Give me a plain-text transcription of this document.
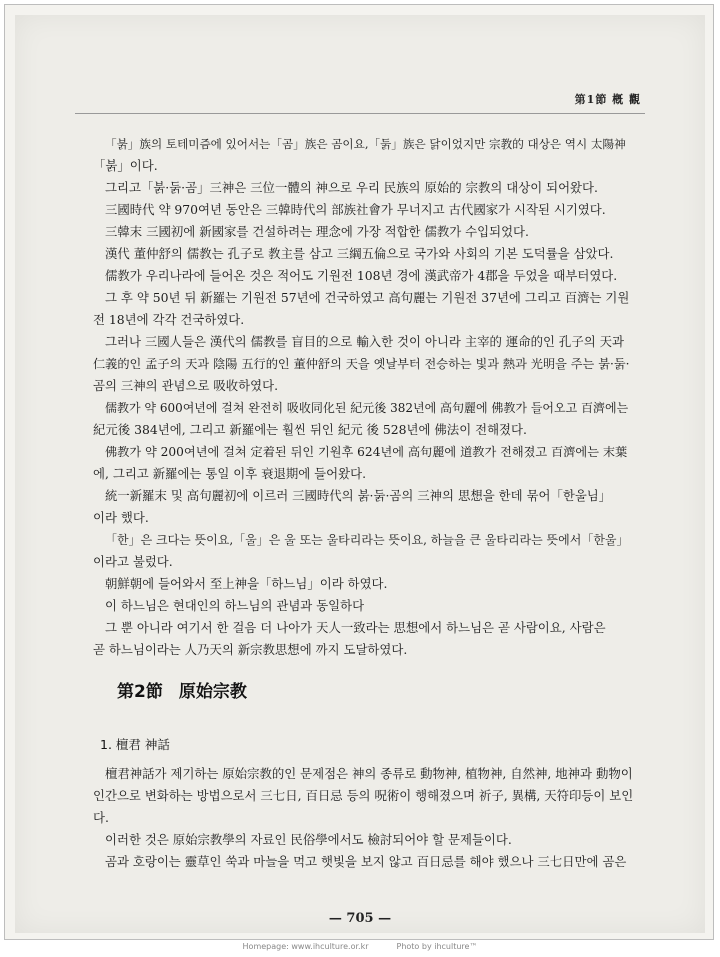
第1節 槪 觀
「붉」族의 토테미즘에 있어서는「곰」族은 곰이요,「둙」族은 닭이었지만 宗教的 대상은 역시 太陽神
「붉」이다.
그리고「붉·둙·곰」三神은 三位一體의 神으로 우리 民族의 原始的 宗教의 대상이 되어왔다.
三國時代 약 970여년 동안은 三韓時代의 部族社會가 무너지고 古代國家가 시작된 시기였다.
三韓末 三國初에 新國家를 건설하려는 理念에 가장 적합한 儒教가 수입되었다.
漢代 董仲舒의 儒教는 孔子로 教主를 삼고 三綱五倫으로 국가와 사회의 기본 도덕률을 삼았다.
儒教가 우리나라에 들어온 것은 적어도 기원전 108년 경에 漢武帝가 4郡을 두었을 때부터였다.
그 후 약 50년 뒤 新羅는 기원전 57년에 건국하였고 高句麗는 기원전 37년에 그리고 百濟는 기원
전 18년에 각각 건국하였다.
그러나 三國人들은 漢代의 儒教를 盲目的으로 輸入한 것이 아니라 主宰的 運命的인 孔子의 天과
仁義的인 孟子의 天과 陰陽 五行的인 董仲舒의 天을 옛날부터 전승하는 빛과 熱과 光明을 주는 붉·둙·
곰의 三神의 관념으로 吸收하였다.
儒教가 약 600여년에 걸쳐 완전히 吸收同化된 紀元後 382년에 高句麗에 佛教가 들어오고 百濟에는
紀元後 384년에, 그리고 新羅에는 훨씬 뒤인 紀元 後 528년에 佛法이 전해졌다.
佛教가 약 200여년에 걸쳐 定着된 뒤인 기원후 624년에 高句麗에 道教가 전해졌고 百濟에는 末葉
에, 그리고 新羅에는 통일 이후 衰退期에 들어왔다.
統一新羅末 및 高句麗初에 이르러 三國時代의 붉·둙·곰의 三神의 思想을 한데 묶어「한울님」
이라 했다.
「한」은 크다는 뜻이요,「울」은 울 또는 울타리라는 뜻이요, 하늘을 큰 울타리라는 뜻에서「한울」
이라고 불렀다.
朝鮮朝에 들어와서 至上神을「하느님」이라 하였다.
이 하느님은 현대인의 하느님의 관념과 동일하다
그 뿐 아니라 여기서 한 걸음 더 나아가 天人一致라는 思想에서 하느님은 곧 사람이요, 사람은
곧 하느님이라는 人乃天의 新宗教思想에 까지 도달하였다.
第2節 原始宗教
1. 檀君 神話
檀君神話가 제기하는 原始宗教的인 문제점은 神의 종류로 動物神, 植物神, 自然神, 地神과 動物이
인간으로 변화하는 방법으로서 三七日, 百日忌 등의 呪術이 행해졌으며 祈子, 異構, 天符印등이 보인
다.
이러한 것은 原始宗教學의 자료인 民俗學에서도 檢討되어야 할 문제들이다.
곰과 호랑이는 靈草인 쑥과 마늘을 먹고 햇빛을 보지 않고 百日忌를 해야 했으나 三七日만에 곰은
— 705 —
Homepage: www.ihculture.or.kr	Photo by ihculture™
